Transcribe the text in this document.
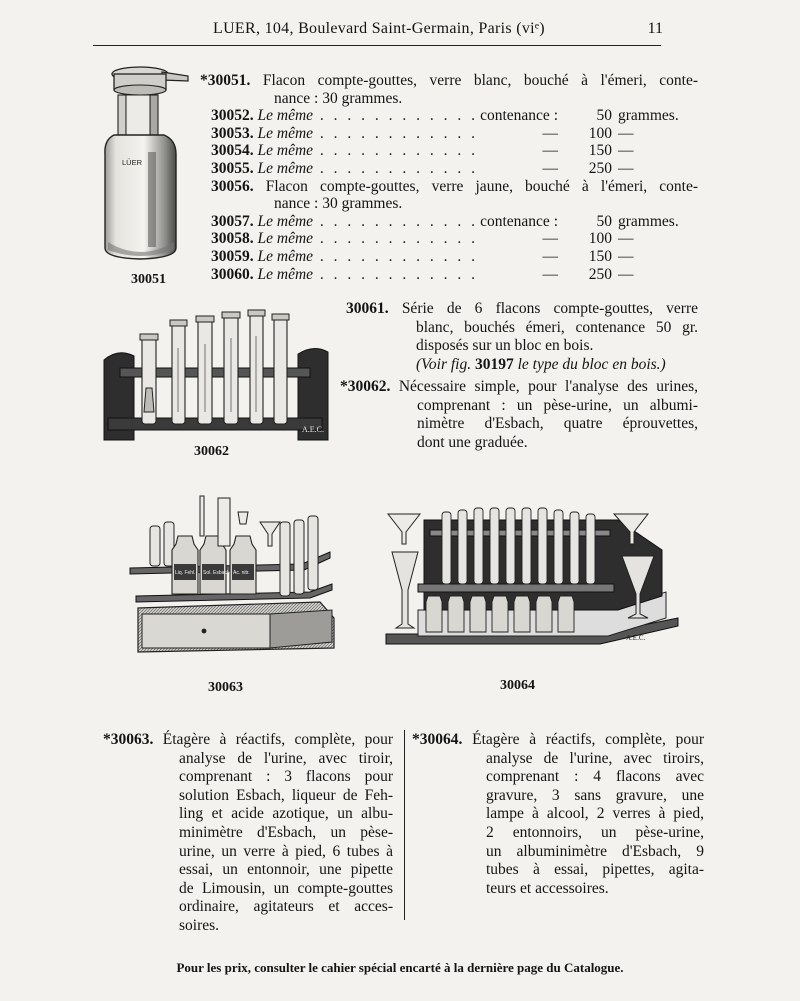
LUER, 104, Boulevard Saint-Germain, Paris (viᵉ)	11
LÜER
30051
*30051. Flacon compte-gouttes, verre blanc, bouché à l'émeri, conte-
nance : 30 grammes.
30052. Le même . . . . . . . . . . . . contenance : 50 grammes.
30053. Le même . . . . . . . . . . . .	— 100 —
30054. Le même . . . . . . . . . . . .	— 150 —
30055. Le même . . . . . . . . . . . .	— 250 —
30056. Flacon compte-gouttes, verre jaune, bouché à l'émeri, conte-
nance : 30 grammes.
30057. Le même . . . . . . . . . . . . contenance : 50 grammes.
30058. Le même . . . . . . . . . . . .	— 100 —
30059. Le même . . . . . . . . . . . .	— 150 —
30060. Le même . . . . . . . . . . . .	— 250 —
A.E.C.
30062
30061. Série de 6 flacons compte-gouttes, verre
blanc, bouchés émeri, contenance 50 gr.
disposés sur un bloc en bois.
(Voir fig. 30197 le type du bloc en bois.)
*30062. Nécessaire simple, pour l'analyse des urines,
comprenant : un pèse-urine, un albumi-
nimètre d'Esbach, quatre éprouvettes,
dont une graduée.
Liq. Fehl. Sol. Esbach Ac. nitr.
30063
A.E.C.
30064
*30063. Étagère à réactifs, complète, pour
analyse de l'urine, avec tiroir,
comprenant : 3 flacons pour
solution Esbach, liqueur de Feh-
ling et acide azotique, un albu-
minimètre d'Esbach, un pèse-
urine, un verre à pied, 6 tubes à
essai, un entonnoir, une pipette
de Limousin, un compte-gouttes
ordinaire, agitateurs et acces-
soires.
*30064. Étagère à réactifs, complète, pour
analyse de l'urine, avec tiroirs,
comprenant : 4 flacons avec
gravure, 3 sans gravure, une
lampe à alcool, 2 verres à pied,
2 entonnoirs, un pèse-urine,
un albuminimètre d'Esbach, 9
tubes à essai, pipettes, agita-
teurs et accessoires.
Pour les prix, consulter le cahier spécial encarté à la dernière page du Catalogue.
